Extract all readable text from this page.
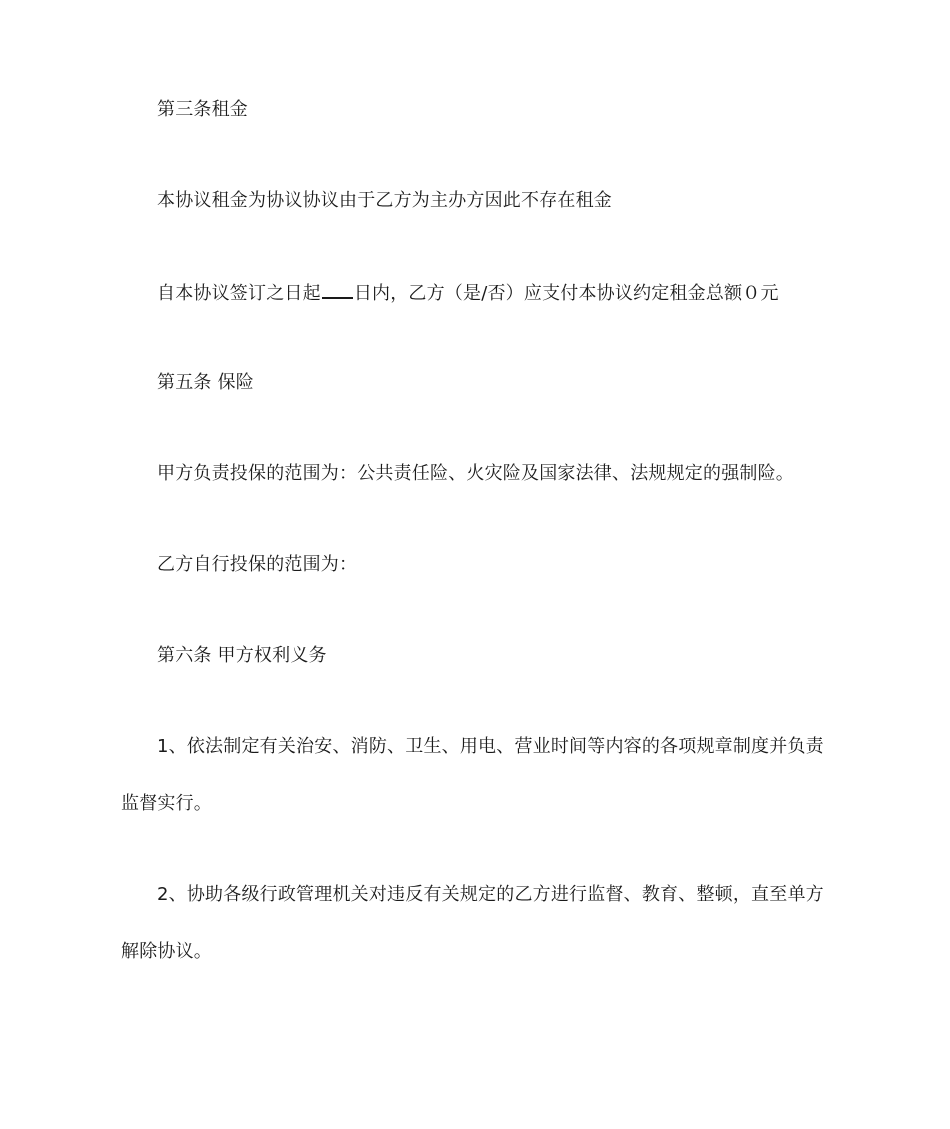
第三条租金
本协议租金为协议协议由于乙方为主办方因此不存在租金
自本协议签订之日起 日内，乙方（是/否）应支付本协议约定租金总额０元
第五条 保险
甲方负责投保的范围为：公共责任险、火灾险及国家法律、法规规定的强制险。
乙方自行投保的范围为：
第六条 甲方权利义务
1、依法制定有关治安、消防、卫生、用电、营业时间等内容的各项规章制度并负责
监督实行。
2、协助各级行政管理机关对违反有关规定的乙方进行监督、教育、整顿，直至单方
解除协议。
